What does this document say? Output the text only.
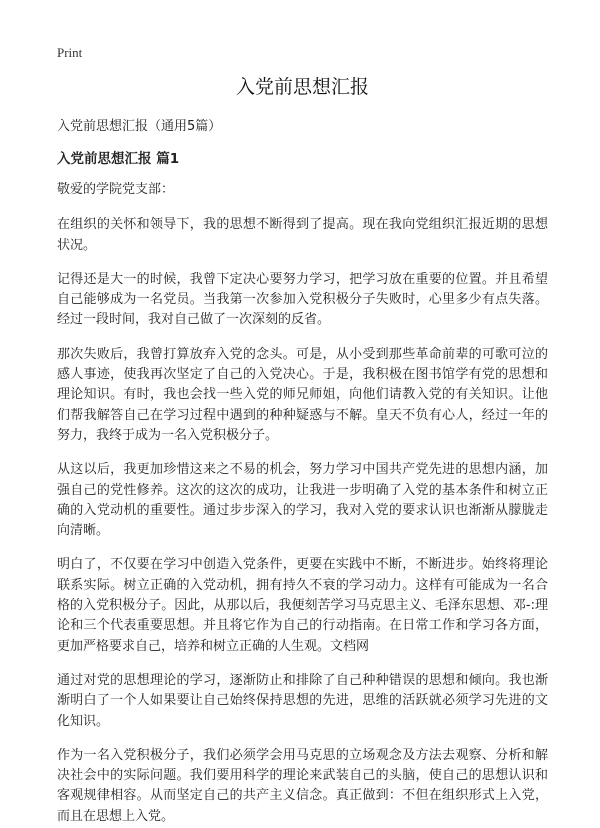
Print
入党前思想汇报

入党前思想汇报（通用5篇）

入党前思想汇报 篇1

敬爱的学院党支部：

在组织的关怀和领导下，我的思想不断得到了提高。现在我向党组织汇报近期的思想状况。

记得还是大一的时候，我曾下定决心要努力学习，把学习放在重要的位置。并且希望自己能够成为一名党员。当我第一次参加入党积极分子失败时，心里多少有点失落。经过一段时间，我对自己做了一次深刻的反省。

那次失败后，我曾打算放弃入党的念头。可是，从小受到那些革命前辈的可歌可泣的感人事迹，使我再次坚定了自己的入党决心。于是，我积极在图书馆学有党的思想和理论知识。有时，我也会找一些入党的师兄师姐，向他们请教入党的有关知识。让他们帮我解答自己在学习过程中遇到的种种疑惑与不解。皇天不负有心人，经过一年的努力，我终于成为一名入党积极分子。

从这以后，我更加珍惜这来之不易的机会，努力学习中国共产党先进的思想内涵，加强自己的党性修养。这次的这次的成功，让我进一步明确了入党的基本条件和树立正确的入党动机的重要性。通过步步深入的学习，我对入党的要求认识也渐渐从朦胧走向清晰。

明白了，不仅要在学习中创造入党条件，更要在实践中不断，不断进步。始终将理论联系实际。树立正确的入党动机，拥有持久不衰的学习动力。这样有可能成为一名合格的入党积极分子。因此，从那以后，我便刻苦学习马克思主义、毛泽东思想、邓-:理论和三个代表重要思想。并且将它作为自己的行动指南。在日常工作和学习各方面，更加严格要求自己，培养和树立正确的人生观。文档网

通过对党的思想理论的学习，逐渐防止和排除了自己种种错误的思想和倾向。我也渐渐明白了一个人如果要让自己始终保持思想的先进，思维的活跃就必须学习先进的文化知识。

作为一名入党积极分子，我们必须学会用马克思的立场观念及方法去观察、分析和解决社会中的实际问题。我们要用科学的理论来武装自己的头脑，使自己的思想认识和客观规律相容。从而坚定自己的共产主义信念。真正做到：不但在组织形式上入党，而且在思想上入党。
